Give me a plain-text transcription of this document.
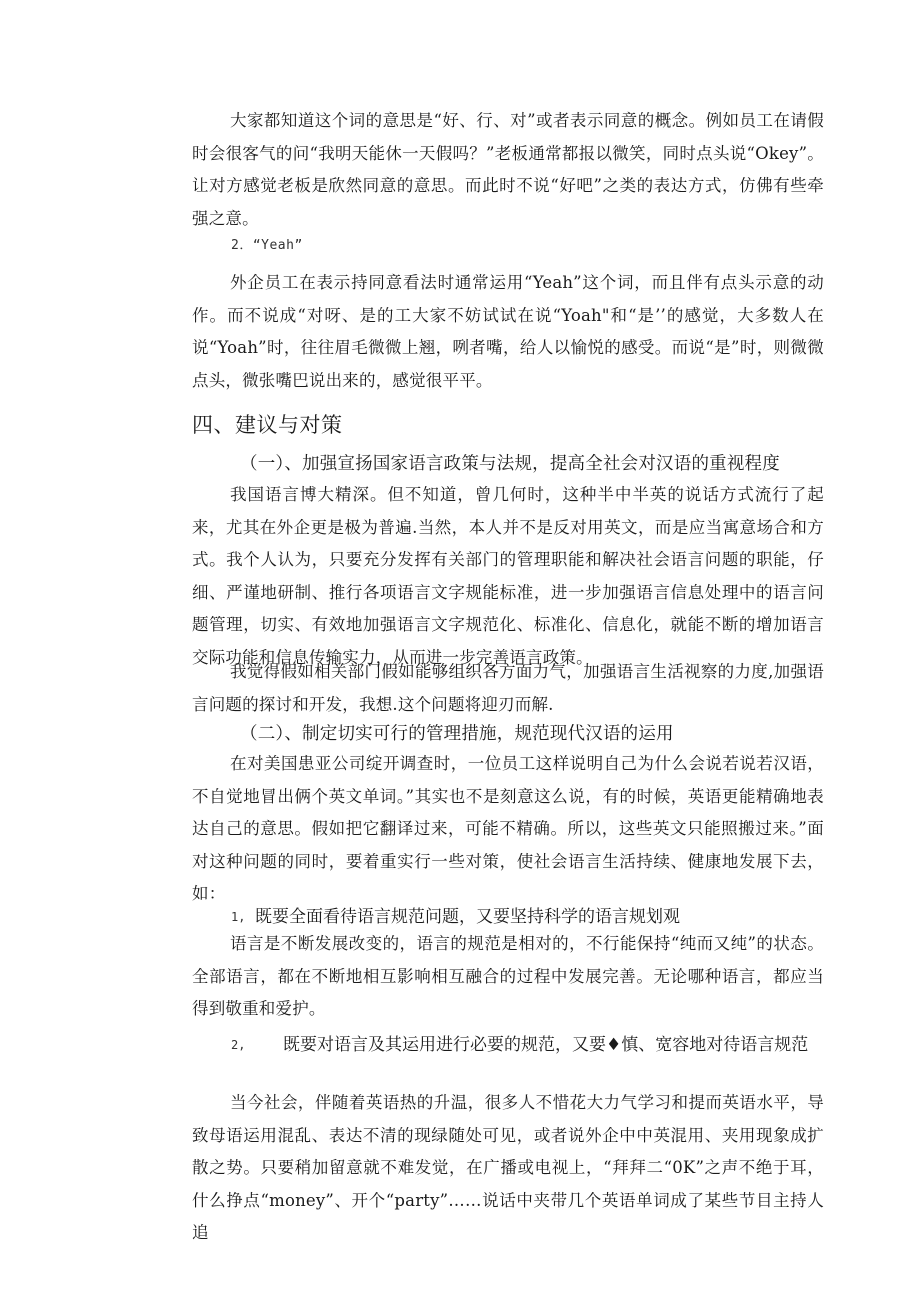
大家都知道这个词的意思是“好、行、对”或者表示同意的概念。例如员工在请假时会很客气的问“我明天能休一天假吗？”老板通常都报以微笑，同时点头说“Okey”。让对方感觉老板是欣然同意的意思。而此时不说“好吧”之类的表达方式，仿佛有些牵强之意。

2．“Yeah”

外企员工在表示持同意看法时通常运用“Yeah”这个词，而且伴有点头示意的动作。而不说成“对呀、是的工大家不妨试试在说“Yoah"和“是’’的感觉，大多数人在说“Yoah”时，往往眉毛微微上翘，咧者嘴，给人以愉悦的感受。而说“是”时，则微微点头，微张嘴巴说出来的，感觉很平平。

四、建议与对策
（一）、加强宣扬国家语言政策与法规，提高全社会对汉语的重视程度

我国语言博大精深。但不知道，曾几何时，这种半中半英的说话方式流行了起来，尤其在外企更是极为普遍.当然，本人并不是反对用英文，而是应当寓意场合和方式。我个人认为，只要充分发挥有关部门的管理职能和解决社会语言问题的职能，仔细、严谨地研制、推行各项语言文字规能标准，进一步加强语言信息处理中的语言问题管理，切实、有效地加强语言文字规范化、标准化、信息化，就能不断的增加语言交际功能和信息传输实力，从而进一步完善语言政策。

我觉得假如相关部门假如能够组织各方面力气，加强语言生活视察的力度,加强语言问题的探讨和开发，我想.这个问题将迎刃而解.

（二）、制定切实可行的管理措施，规范现代汉语的运用

在对美国患亚公司绽开调查时，一位员工这样说明自己为什么会说若说若汉语，不自觉地冒出俩个英文单词。”其实也不是刻意这么说，有的时候，英语更能精确地表达自己的意思。假如把它翻译过来，可能不精确。所以，这些英文只能照搬过来。”面对这种问题的同时，要着重实行一些对策，使社会语言生活持续、健康地发展下去，如：

1, 既要全面看待语言规范问题，又要坚持科学的语言规划观

语言是不断发展改变的，语言的规范是相对的，不行能保持“纯而又纯”的状态。全部语言，都在不断地相互影响相互融合的过程中发展完善。无论哪种语言，都应当得到敬重和爱护。

2, 既要对语言及其运用进行必要的规范，又要♦慎、宽容地对待语言规范

当今社会，伴随着英语热的升温，很多人不惜花大力气学习和提而英语水平，导致母语运用混乱、表达不清的现绿随处可见，或者说外企中中英混用、夹用现象成扩散之势。只要稍加留意就不难发觉，在广播或电视上，“拜拜二“0K”之声不绝于耳，什么挣点“money”、开个“party”……说话中夹带几个英语单词成了某些节目主持人追
